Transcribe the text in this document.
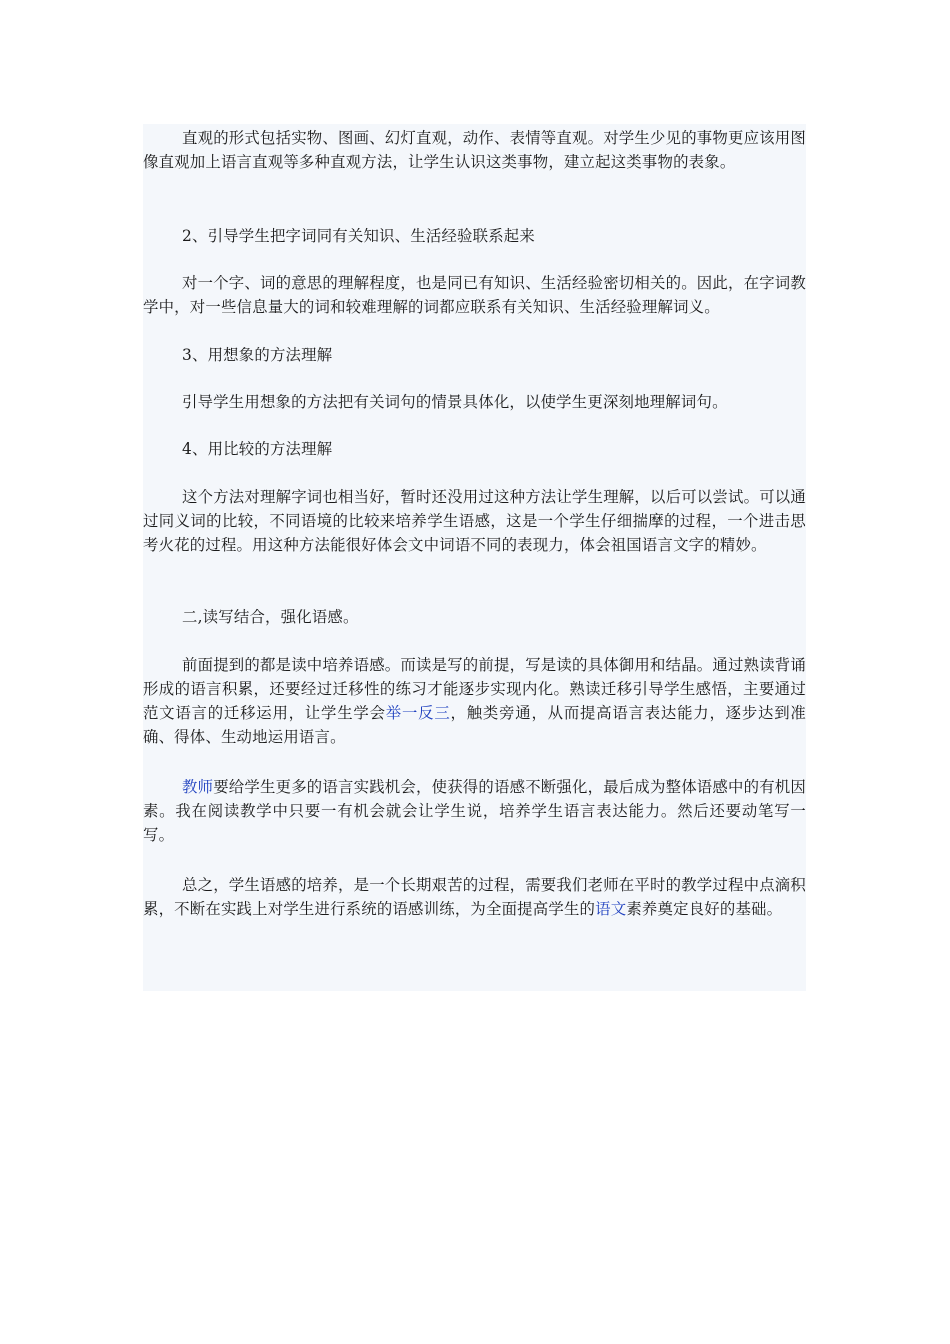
直观的形式包括实物、图画、幻灯直观，动作、表情等直观。对学生少见的事物更应该用图像直观加上语言直观等多种直观方法，让学生认识这类事物，建立起这类事物的表象。

2、引导学生把字词同有关知识、生活经验联系起来

对一个字、词的意思的理解程度，也是同已有知识、生活经验密切相关的。因此，在字词教学中，对一些信息量大的词和较难理解的词都应联系有关知识、生活经验理解词义。

3、用想象的方法理解

引导学生用想象的方法把有关词句的情景具体化，以使学生更深刻地理解词句。

4、用比较的方法理解

这个方法对理解字词也相当好，暂时还没用过这种方法让学生理解，以后可以尝试。可以通过同义词的比较，不同语境的比较来培养学生语感，这是一个学生仔细揣摩的过程，一个进击思考火花的过程。用这种方法能很好体会文中词语不同的表现力，体会祖国语言文字的精妙。

二,读写结合，强化语感。

前面提到的都是读中培养语感。而读是写的前提，写是读的具体御用和结晶。通过熟读背诵形成的语言积累，还要经过迁移性的练习才能逐步实现内化。熟读迁移引导学生感悟，主要通过范文语言的迁移运用，让学生学会举一反三，触类旁通，从而提高语言表达能力，逐步达到准确、得体、生动地运用语言。

教师要给学生更多的语言实践机会，使获得的语感不断强化，最后成为整体语感中的有机因素。我在阅读教学中只要一有机会就会让学生说，培养学生语言表达能力。然后还要动笔写一写。

总之，学生语感的培养，是一个长期艰苦的过程，需要我们老师在平时的教学过程中点滴积累，不断在实践上对学生进行系统的语感训练，为全面提高学生的语文素养奠定良好的基础。
